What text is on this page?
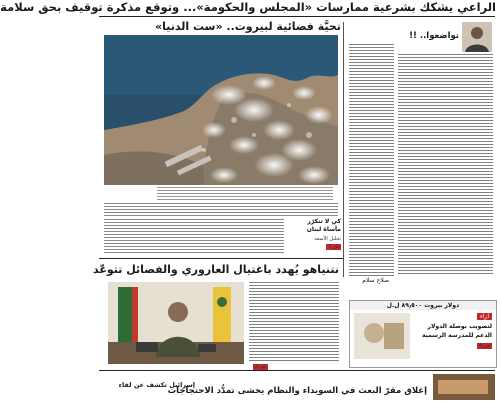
الراعي يشكك بشرعية ممارسات «المجلس والحكومة»... وتوقع مذكرة توقيف بحق سلامة
تحيَّة فضائية لبيروت.. «ست الدنيا»
تواضعوا.. !!
صلاح سلام
كي لا تتكرّر
مأساة لبنان
تحليل الأسعد
ص 7
نتنياهو يُهدد باغتيال العاروري والفصائل تتوعّد
ص 2
دولار بيروت ٨٩٫٥٠٠ ل.ل
آراء
لتصويب بوصلة الدولار
الدعم للمدرسة الرسمية
ص 4
إسرائيل تكشف عن لقاء
إغلاق مقرّ البعث في السويداء والنظام يخشى تمدُّد الاحتجاجات
